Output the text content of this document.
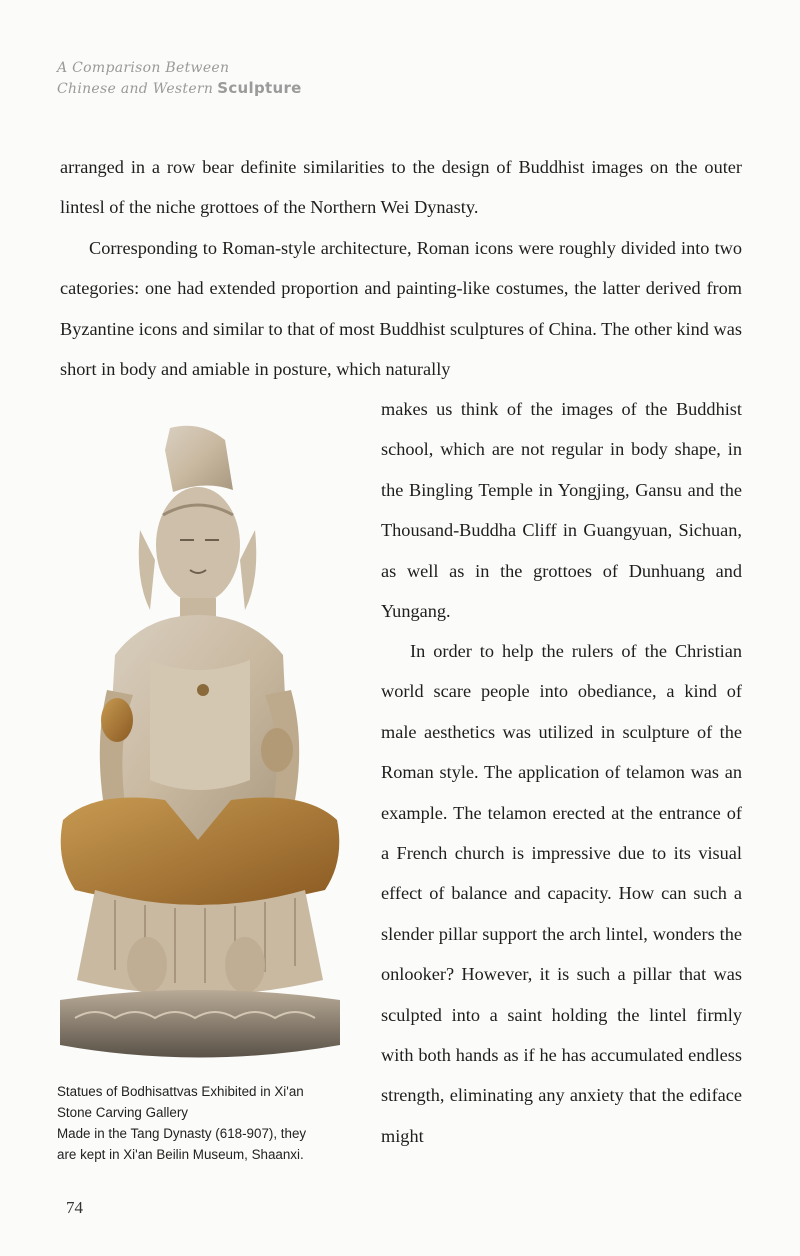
A Comparison Between
Chinese and Western Sculpture

arranged in a row bear definite similarities to the design of Buddhist images on the outer lintesl of the niche grottoes of the Northern Wei Dynasty.

Corresponding to Roman-style architecture, Roman icons were roughly divided into two categories: one had extended proportion and painting-like costumes, the latter derived from Byzantine icons and similar to that of most Buddhist sculptures of China. The other kind was short in body and amiable in posture, which naturally

makes us think of the images of the Buddhist school, which are not regular in body shape, in the Bingling Temple in Yongjing, Gansu and the Thousand-Buddha Cliff in Guangyuan, Sichuan, as well as in the grottoes of Dunhuang and Yungang.

In order to help the rulers of the Christian world scare people into obediance, a kind of male aesthetics was utilized in sculpture of the Roman style. The application of telamon was an example. The telamon erected at the entrance of a French church is impressive due to its visual effect of balance and capacity. How can such a slender pillar support the arch lintel, wonders the onlooker? However, it is such a pillar that was sculpted into a saint holding the lintel firmly with both hands as if he has accumulated endless strength, eliminating any anxiety that the ediface might

Statues of Bodhisattvas Exhibited in Xi'an
Stone Carving Gallery
Made in the Tang Dynasty (618-907), they
are kept in Xi'an Beilin Museum, Shaanxi.
74
